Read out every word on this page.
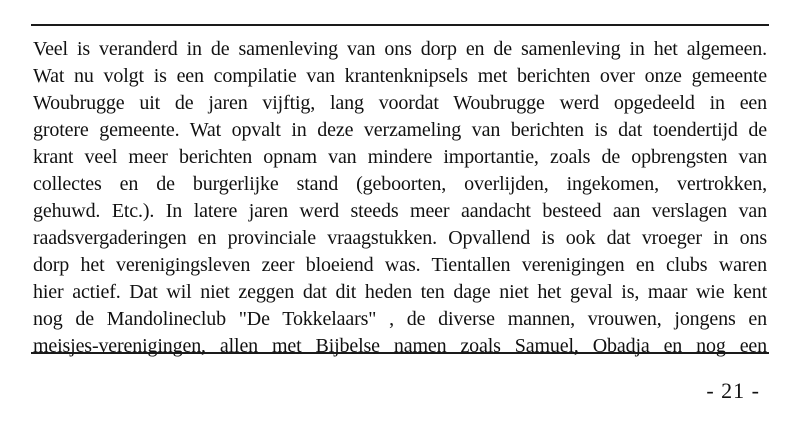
Veel is veranderd in de samenleving van ons dorp en de samenleving in het algemeen.
Wat nu volgt is een compilatie van krantenknipsels met berichten over onze gemeente
Woubrugge uit de jaren vijftig, lang voordat Woubrugge werd opgedeeld in een
grotere gemeente. Wat opvalt in deze verzameling van berichten is dat toendertijd de
krant veel meer berichten opnam van mindere importantie, zoals de opbrengsten van
collectes en de burgerlijke stand (geboorten, overlijden, ingekomen, vertrokken,
gehuwd. Etc.). In latere jaren werd steeds meer aandacht besteed aan verslagen van
raadsvergaderingen en provinciale vraagstukken. Opvallend is ook dat vroeger in ons
dorp het verenigingsleven zeer bloeiend was. Tientallen verenigingen en clubs waren
hier actief. Dat wil niet zeggen dat dit heden ten dage niet het geval is, maar wie kent
nog de Mandolineclub "De Tokkelaars" , de diverse mannen, vrouwen, jongens en
meisjes-verenigingen, allen met Bijbelse namen zoals Samuel, Obadja en nog een
- 21 -
